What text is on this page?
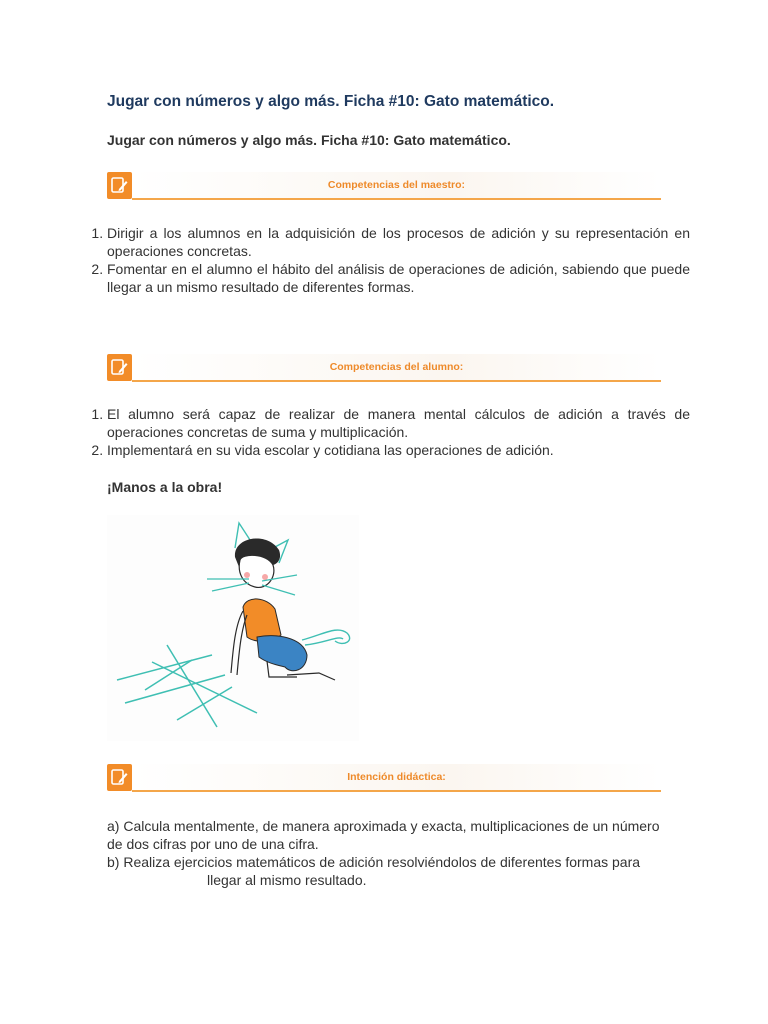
Jugar con números y algo más. Ficha #10: Gato matemático.
Jugar con números y algo más. Ficha #10: Gato matemático.
Competencias del maestro:
1. Dirigir a los alumnos en la adquisición de los procesos de adición y su representación en operaciones concretas.
2. Fomentar en el alumno el hábito del análisis de operaciones de adición, sabiendo que puede llegar a un mismo resultado de diferentes formas.
Competencias del alumno:
1. El alumno será capaz de realizar de manera mental cálculos de adición a través de operaciones concretas de suma y multiplicación.
2. Implementará en su vida escolar y cotidiana las operaciones de adición.
¡Manos a la obra!
Intención didáctica:

a) Calcula mentalmente, de manera aproximada y exacta, multiplicaciones de un número de dos cifras por uno de una cifra.

b) Realiza ejercicios matemáticos de adición resolviéndolos de diferentes formas parallegar al mismo resultado.
